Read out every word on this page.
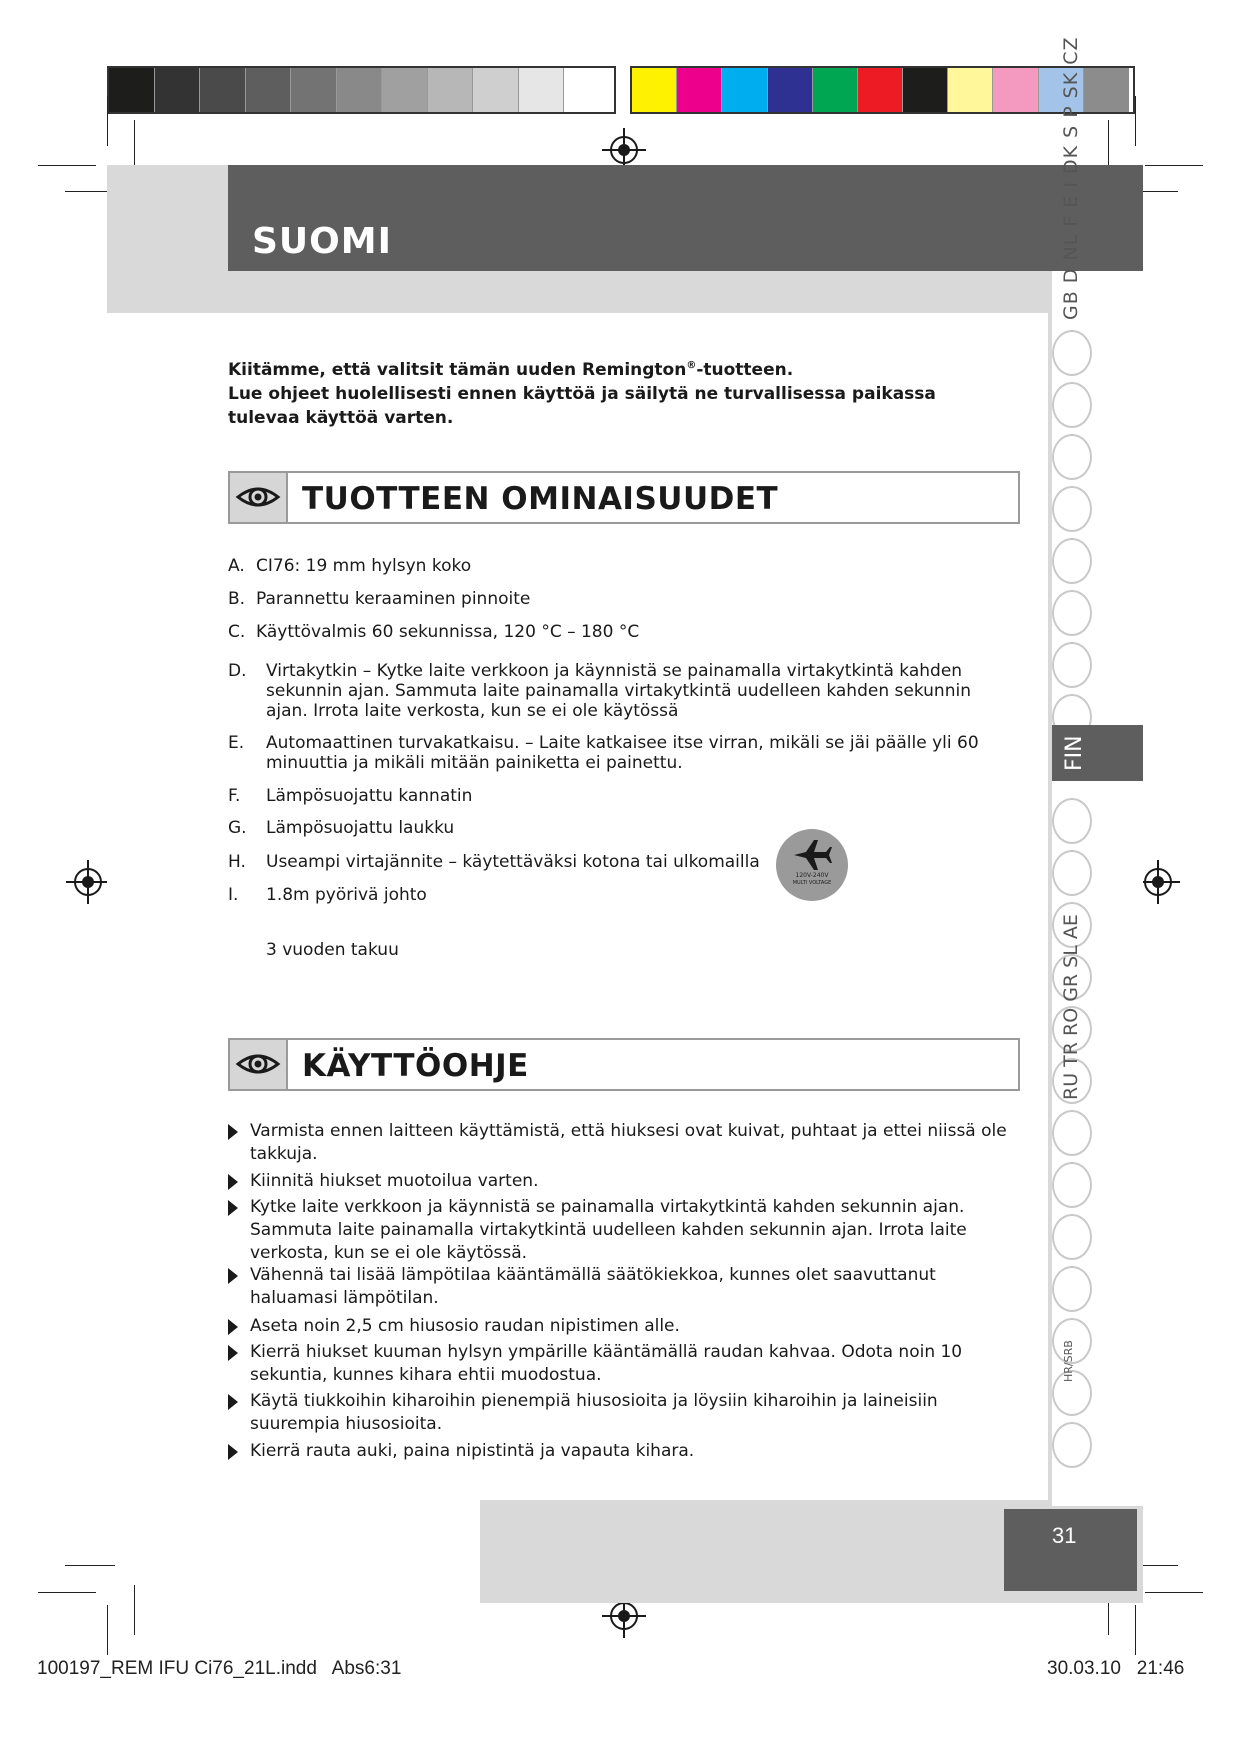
SUOMI
FIN
GB D NL F E I DK S P SK CZ
RU TR RO GR SL AE
HR/SRB

Kiitämme, että valitsit tämän uuden Remington®-tuotteen.

Lue ohjeet huolellisesti ennen käyttöä ja säilytä ne turvallisessa paikassa tulevaa käyttöä varten.

TUOTTEEN OMINAISUUDET
A. CI76: 19 mm hylsyn koko
B. Parannettu keraaminen pinnoite
C. Käyttövalmis 60 sekunnissa, 120 °C – 180 °C
D. Virtakytkin – Kytke laite verkkoon ja käynnistä se painamalla virtakytkintä kahden sekunnin ajan. Sammuta laite painamalla virtakytkintä uudelleen kahden sekunnin ajan. Irrota laite verkosta, kun se ei ole käytössä
E. Automaattinen turvakatkaisu. – Laite katkaisee itse virran, mikäli se jäi päälle yli 60 minuuttia ja mikäli mitään painiketta ei painettu.
F. Lämpösuojattu kannatin
G. Lämpösuojattu laukku
H. Useampi virtajännite – käytettäväksi kotona tai ulkomailla
I. 1.8m pyörivä johto
120V-240V
MULTI VOLTAGE
3 vuoden takuu
KÄYTTÖOHJE
Varmista ennen laitteen käyttämistä, että hiuksesi ovat kuivat, puhtaat ja ettei niissä ole takkuja.
Kiinnitä hiukset muotoilua varten.
Kytke laite verkkoon ja käynnistä se painamalla virtakytkintä kahden sekunnin ajan. Sammuta laite painamalla virtakytkintä uudelleen kahden sekunnin ajan. Irrota laite verkosta, kun se ei ole käytössä.
Vähennä tai lisää lämpötilaa kääntämällä säätökiekkoa, kunnes olet saavuttanut haluamasi lämpötilan.
Aseta noin 2,5 cm hiusosio raudan nipistimen alle.
Kierrä hiukset kuuman hylsyn ympärille kääntämällä raudan kahvaa. Odota noin 10 sekuntia, kunnes kihara ehtii muodostua.
Käytä tiukkoihin kiharoihin pienempiä hiusosioita ja löysiin kiharoihin ja laineisiin suurempia hiusosioita.
Kierrä rauta auki, paina nipistintä ja vapauta kihara.
31
100197_REM IFU Ci76_21L.indd   Abs6:31	30.03.10   21:46
